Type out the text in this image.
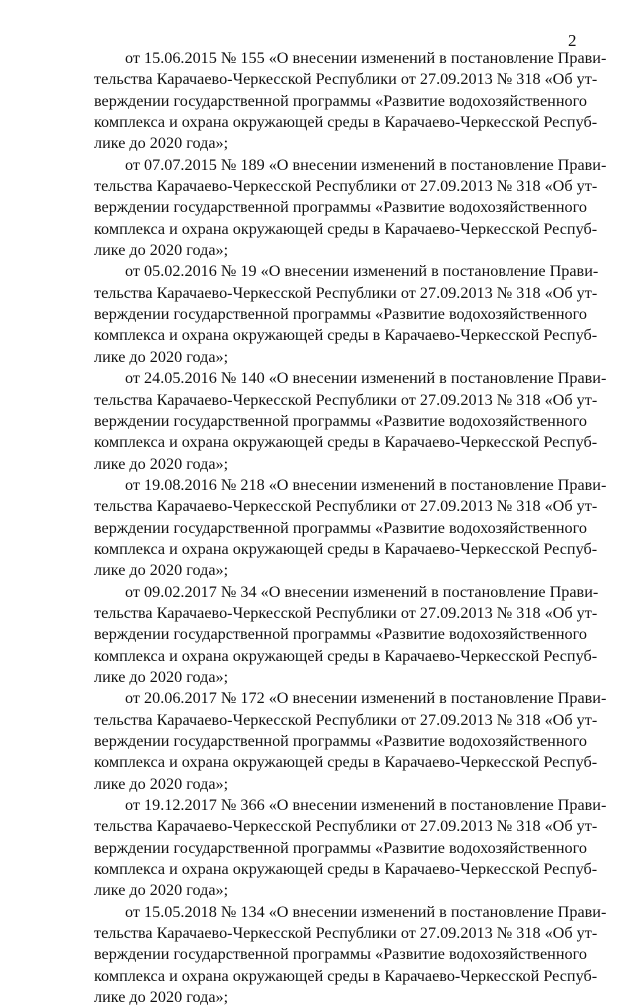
2
от 15.06.2015 № 155 «О внесении изменений в постановление Прави-
тельства Карачаево-Черкесской Республики от 27.09.2013 № 318 «Об ут-
верждении государственной программы «Развитие водохозяйственного
комплекса и охрана окружающей среды в Карачаево-Черкесской Респуб-
лике до 2020 года»;
от 07.07.2015 № 189 «О внесении изменений в постановление Прави-
тельства Карачаево-Черкесской Республики от 27.09.2013 № 318 «Об ут-
верждении государственной программы «Развитие водохозяйственного
комплекса и охрана окружающей среды в Карачаево-Черкесской Респуб-
лике до 2020 года»;
от 05.02.2016 № 19 «О внесении изменений в постановление Прави-
тельства Карачаево-Черкесской Республики от 27.09.2013 № 318 «Об ут-
верждении государственной программы «Развитие водохозяйственного
комплекса и охрана окружающей среды в Карачаево-Черкесской Респуб-
лике до 2020 года»;
от 24.05.2016 № 140 «О внесении изменений в постановление Прави-
тельства Карачаево-Черкесской Республики от 27.09.2013 № 318 «Об ут-
верждении государственной программы «Развитие водохозяйственного
комплекса и охрана окружающей среды в Карачаево-Черкесской Респуб-
лике до 2020 года»;
от 19.08.2016 № 218 «О внесении изменений в постановление Прави-
тельства Карачаево-Черкесской Республики от 27.09.2013 № 318 «Об ут-
верждении государственной программы «Развитие водохозяйственного
комплекса и охрана окружающей среды в Карачаево-Черкесской Респуб-
лике до 2020 года»;
от 09.02.2017 № 34 «О внесении изменений в постановление Прави-
тельства Карачаево-Черкесской Республики от 27.09.2013 № 318 «Об ут-
верждении государственной программы «Развитие водохозяйственного
комплекса и охрана окружающей среды в Карачаево-Черкесской Респуб-
лике до 2020 года»;
от 20.06.2017 № 172 «О внесении изменений в постановление Прави-
тельства Карачаево-Черкесской Республики от 27.09.2013 № 318 «Об ут-
верждении государственной программы «Развитие водохозяйственного
комплекса и охрана окружающей среды в Карачаево-Черкесской Респуб-
лике до 2020 года»;
от 19.12.2017 № 366 «О внесении изменений в постановление Прави-
тельства Карачаево-Черкесской Республики от 27.09.2013 № 318 «Об ут-
верждении государственной программы «Развитие водохозяйственного
комплекса и охрана окружающей среды в Карачаево-Черкесской Респуб-
лике до 2020 года»;
от 15.05.2018 № 134 «О внесении изменений в постановление Прави-
тельства Карачаево-Черкесской Республики от 27.09.2013 № 318 «Об ут-
верждении государственной программы «Развитие водохозяйственного
комплекса и охрана окружающей среды в Карачаево-Черкесской Респуб-
лике до 2020 года»;
